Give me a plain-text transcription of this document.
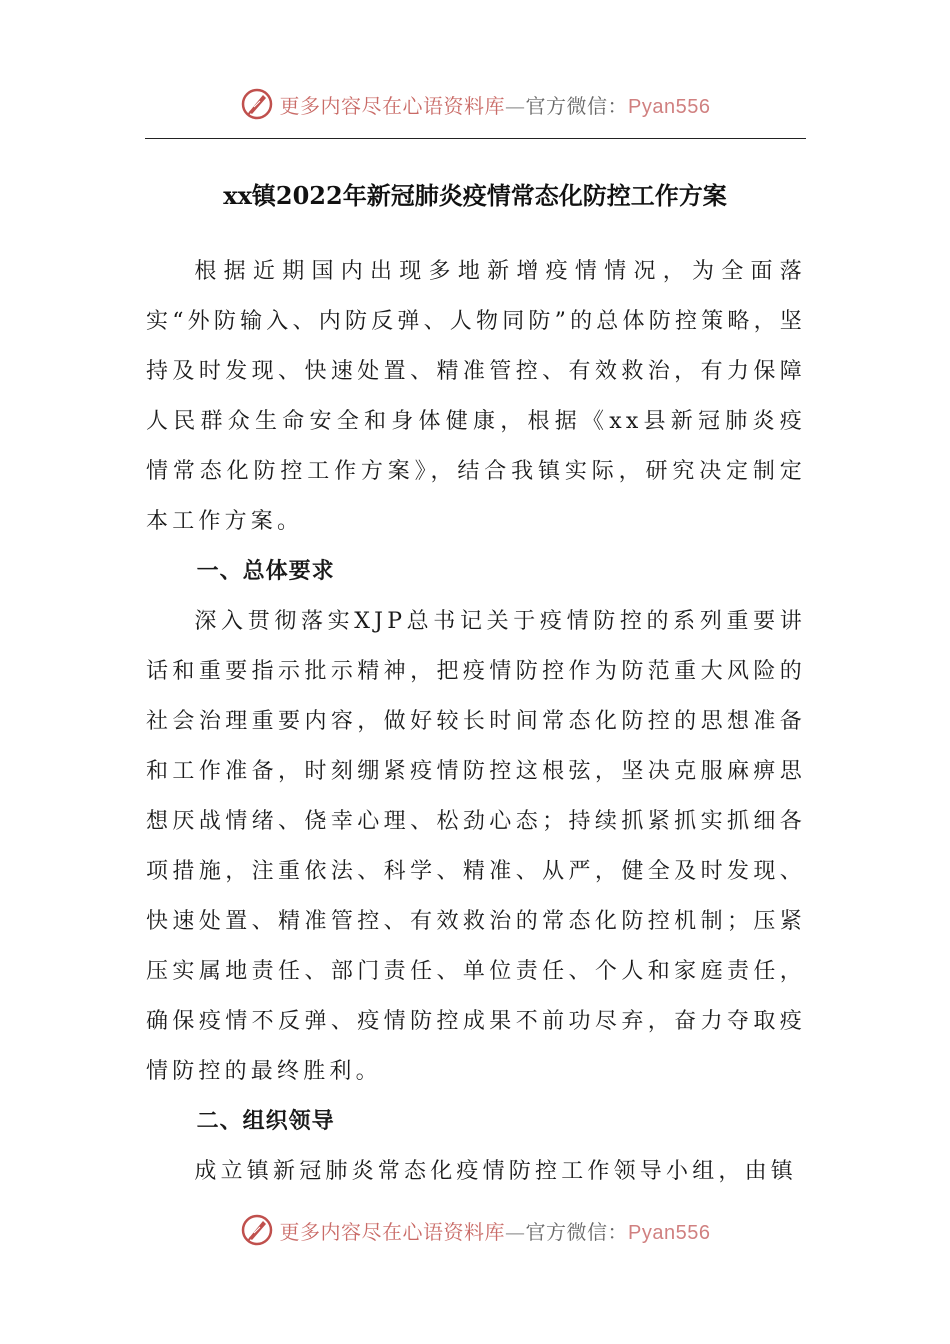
更多内容尽在心语资料库—官方微信：Pyan556
xx镇2022年新冠肺炎疫情常态化防控工作方案

根据近期国内出现多地新增疫情情况，为全面落实“外防输入、内防反弹、人物同防”的总体防控策略，坚持及时发现、快速处置、精准管控、有效救治，有力保障人民群众生命安全和身体健康，根据《xx县新冠肺炎疫情常态化防控工作方案》，结合我镇实际，研究决定制定本工作方案。

一、总体要求

深入贯彻落实XJP总书记关于疫情防控的系列重要讲话和重要指示批示精神，把疫情防控作为防范重大风险的社会治理重要内容，做好较长时间常态化防控的思想准备和工作准备，时刻绷紧疫情防控这根弦，坚决克服麻痹思想厌战情绪、侥幸心理、松劲心态；持续抓紧抓实抓细各项措施，注重依法、科学、精准、从严，健全及时发现、快速处置、精准管控、有效救治的常态化防控机制；压紧压实属地责任、部门责任、单位责任、个人和家庭责任，确保疫情不反弹、疫情防控成果不前功尽弃，奋力夺取疫情防控的最终胜利。

二、组织领导

成立镇新冠肺炎常态化疫情防控工作领导小组，由镇

更多内容尽在心语资料库—官方微信：Pyan556
